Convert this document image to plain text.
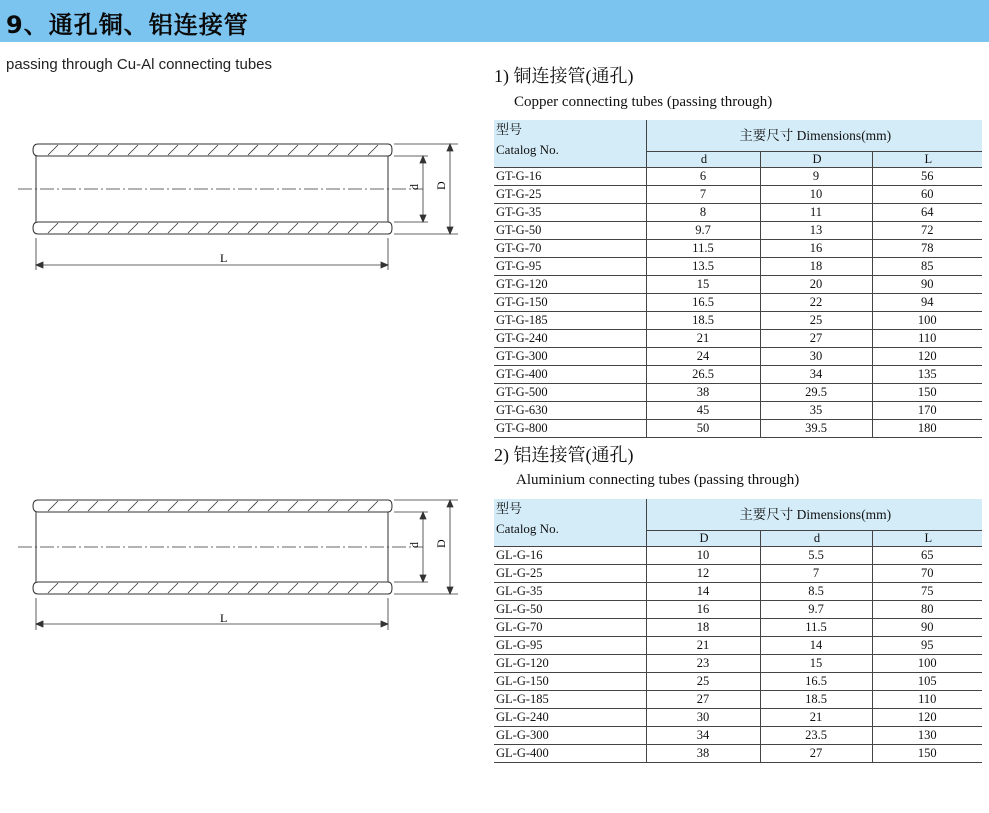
9、通孔铜、铝连接管
passing through Cu-Al connecting tubes
d D
L
d D
L
1) 铜连接管(通孔)
Copper connecting tubes (passing through)
型号
Catalog No.	主要尺寸 Dimensions(mm)		
	d	D	L
GT-G-16	6	9	56
GT-G-25	7	10	60
GT-G-35	8	11	64
GT-G-50	9.7	13	72
GT-G-70	11.5	16	78
GT-G-95	13.5	18	85
GT-G-120	15	20	90
GT-G-150	16.5	22	94
GT-G-185	18.5	25	100
GT-G-240	21	27	110
GT-G-300	24	30	120
GT-G-400	26.5	34	135
GT-G-500	38	29.5	150
GT-G-630	45	35	170
GT-G-800	50	39.5	180
2) 铝连接管(通孔)
Aluminium connecting tubes (passing through)
型号
Catalog No.	主要尺寸 Dimensions(mm)		
	D	d	L
GL-G-16	10	5.5	65
GL-G-25	12	7	70
GL-G-35	14	8.5	75
GL-G-50	16	9.7	80
GL-G-70	18	11.5	90
GL-G-95	21	14	95
GL-G-120	23	15	100
GL-G-150	25	16.5	105
GL-G-185	27	18.5	110
GL-G-240	30	21	120
GL-G-300	34	23.5	130
GL-G-400	38	27	150
